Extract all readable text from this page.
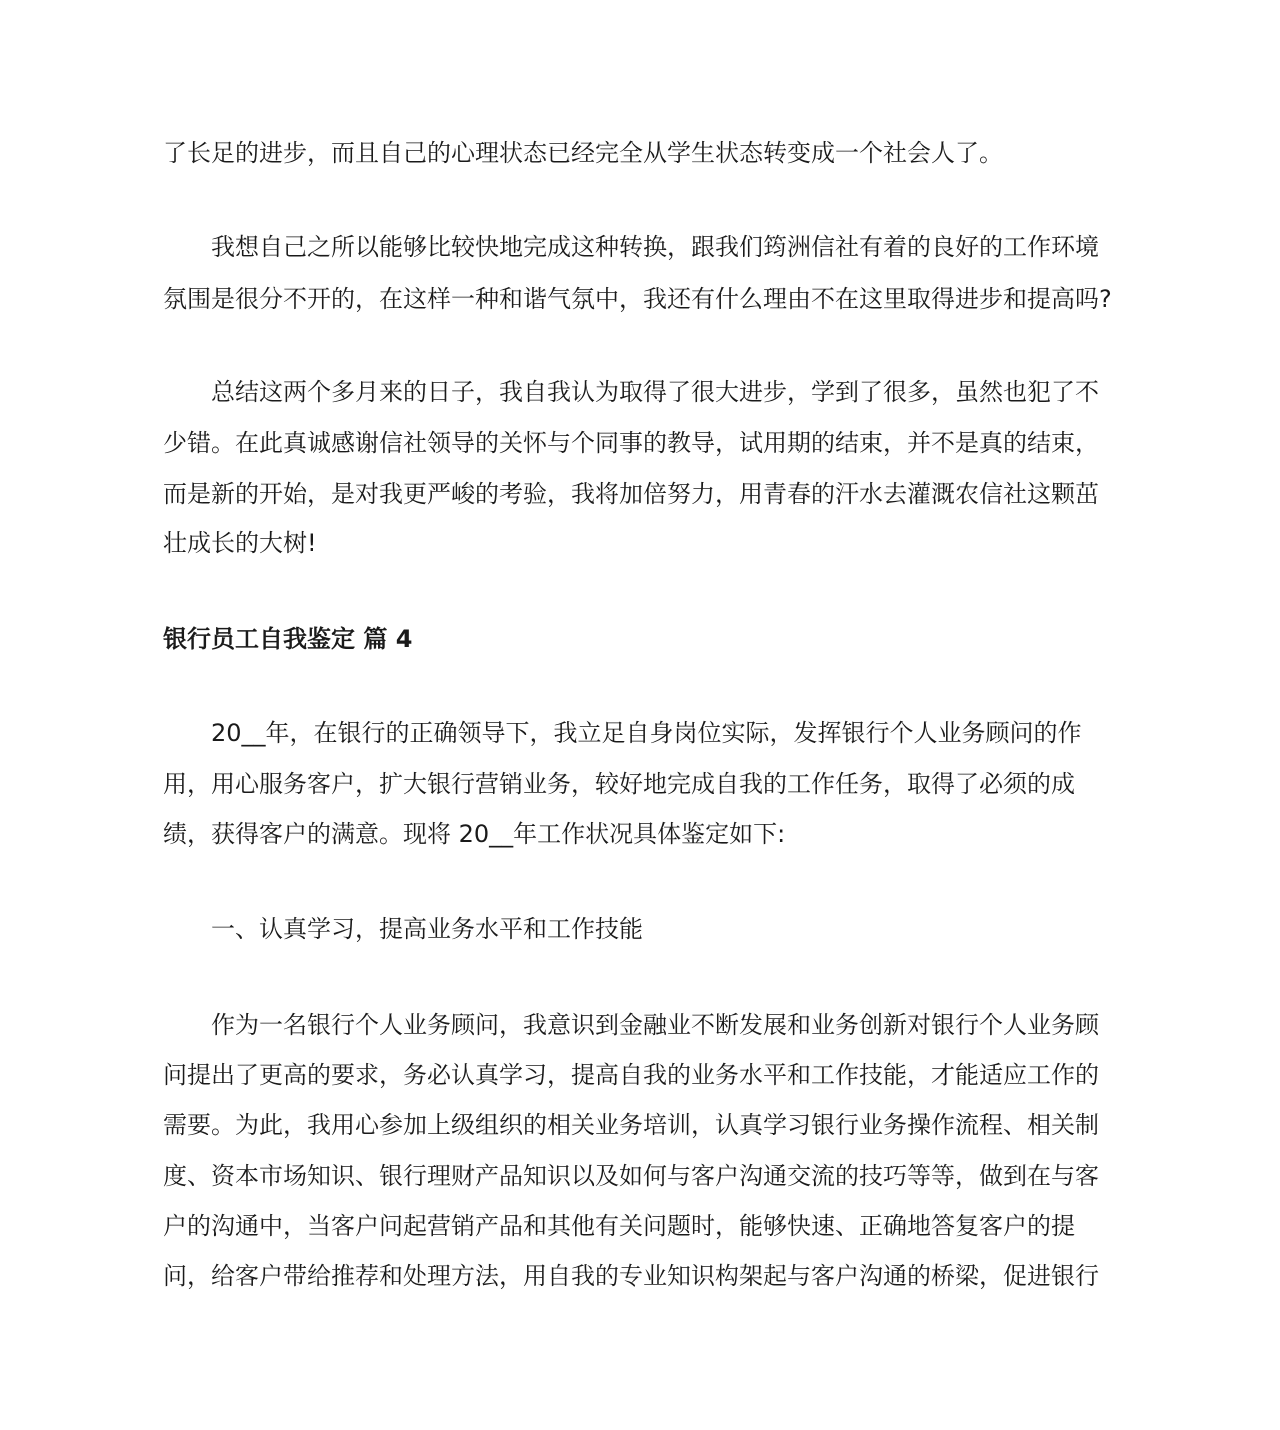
了长足的进步，而且自己的心理状态已经完全从学生状态转变成一个社会人了。
我想自己之所以能够比较快地完成这种转换，跟我们筠洲信社有着的良好的工作环境
氛围是很分不开的，在这样一种和谐气氛中，我还有什么理由不在这里取得进步和提高吗?
总结这两个多月来的日子，我自我认为取得了很大进步，学到了很多，虽然也犯了不
少错。在此真诚感谢信社领导的关怀与个同事的教导，试用期的结束，并不是真的结束，
而是新的开始，是对我更严峻的考验，我将加倍努力，用青春的汗水去灌溉农信社这颗茁
壮成长的大树!
银行员工自我鉴定 篇 4
20__年，在银行的正确领导下，我立足自身岗位实际，发挥银行个人业务顾问的作
用，用心服务客户，扩大银行营销业务，较好地完成自我的工作任务，取得了必须的成
绩，获得客户的满意。现将 20__年工作状况具体鉴定如下:
一、认真学习，提高业务水平和工作技能
作为一名银行个人业务顾问，我意识到金融业不断发展和业务创新对银行个人业务顾
问提出了更高的要求，务必认真学习，提高自我的业务水平和工作技能，才能适应工作的
需要。为此，我用心参加上级组织的相关业务培训，认真学习银行业务操作流程、相关制
度、资本市场知识、银行理财产品知识以及如何与客户沟通交流的技巧等等，做到在与客
户的沟通中，当客户问起营销产品和其他有关问题时，能够快速、正确地答复客户的提
问，给客户带给推荐和处理方法，用自我的专业知识构架起与客户沟通的桥梁，促进银行
